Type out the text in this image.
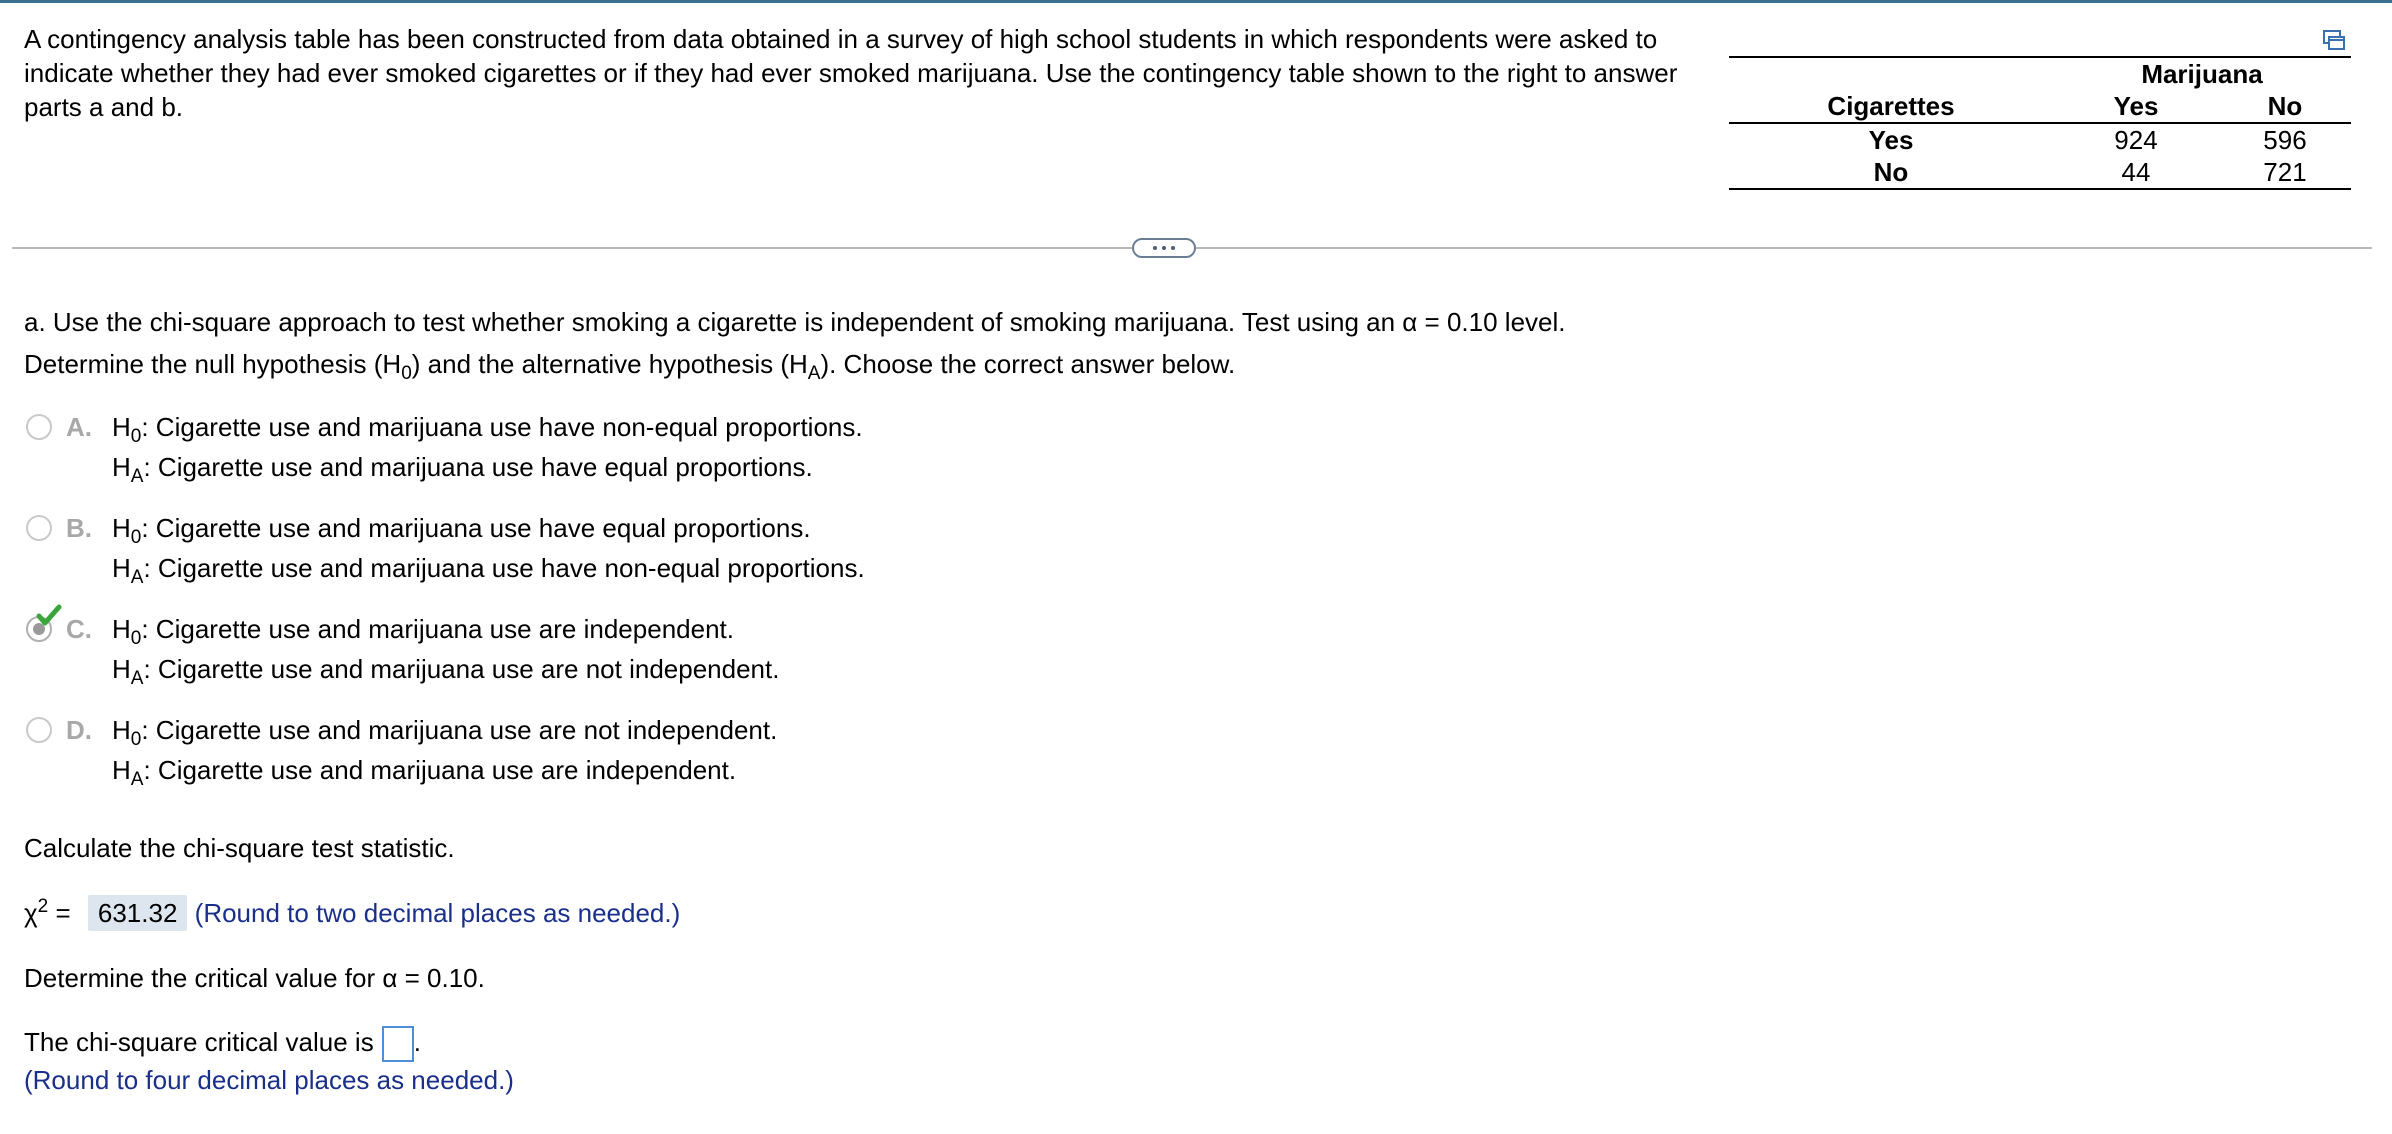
A contingency analysis table has been constructed from data obtained in a survey of high school students in which respondents were asked to indicate whether they had ever smoked cigarettes or if they had ever smoked marijuana. Use the contingency table shown to the right to answer parts a and b.
	Marijuana	
Cigarettes	Yes	No
Yes	924	596
No	44	721
a. Use the chi-square approach to test whether smoking a cigarette is independent of smoking marijuana. Test using an α = 0.10 level.
Determine the null hypothesis $(H_0)$ and the alternative hypothesis $(H_A)$. Choose the correct answer below.
A. $H_0$: Cigarette use and marijuana use have non-equal proportions.
$H_A$: Cigarette use and marijuana use have equal proportions.
B. $H_0$: Cigarette use and marijuana use have equal proportions.
$H_A$: Cigarette use and marijuana use have non-equal proportions.
C. $H_0$: Cigarette use and marijuana use are independent.
$H_A$: Cigarette use and marijuana use are not independent.
D. $H_0$: Cigarette use and marijuana use are not independent.
$H_A$: Cigarette use and marijuana use are independent.
Calculate the chi-square test statistic.
$\chi^2 = 631.32$ (Round to two decimal places as needed.)
Determine the critical value for α = 0.10.
The chi-square critical value is .
(Round to four decimal places as needed.)
